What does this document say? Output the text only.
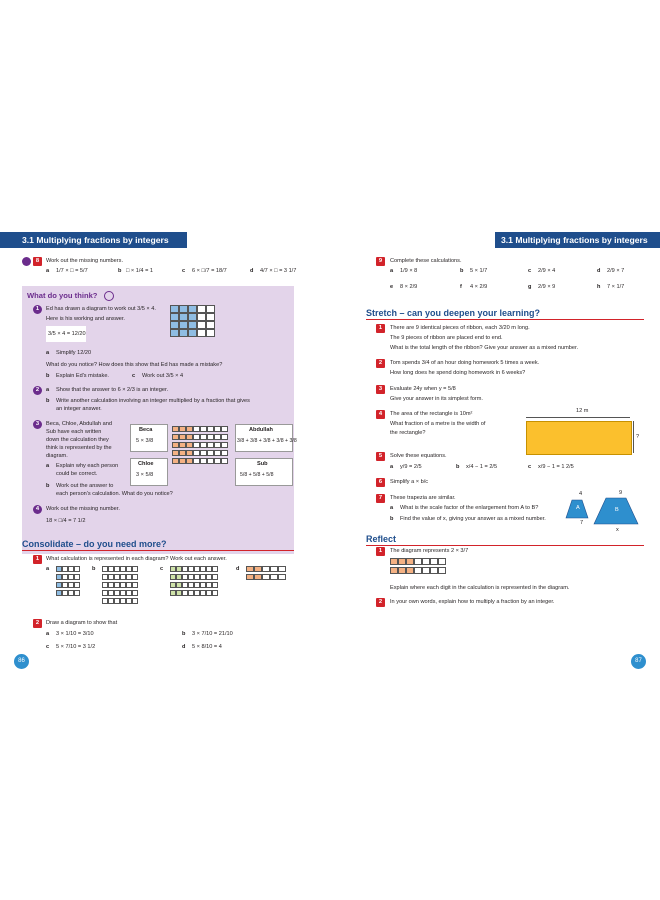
3.1 Multiplying fractions by integers
8	Work out the missing numbers.
a 1/7 × □ = 5/7	b □ × 1/4 = 1	c 6 × □/7 = 18/7	d 4/7 × □ = 3 1/7
What do you think?
1	Ed has drawn a diagram to work out 3/5 × 4.
Here is his working and answer.
3/5 × 4 = 12/20
a Simplify 12/20
What do you notice? How does this show that Ed has made a mistake?
b Explain Ed's mistake.	c Work out 3/5 × 4
2	a Show that the answer to 6 × 2/3 is an integer.
b Write another calculation involving an integer multiplied by a fraction that gives
an integer answer.
3	Beca, Chloe, Abdullah and
Sub have each written
down the calculation they
think is represented by the
diagram.
a Explain why each person
could be correct.
b Work out the answer to
each person's calculation. What do you notice?
Beca
5 × 3/8
Chloe
3 × 5/8
Abdullah
3/8 + 3/8 + 3/8 + 3/8 + 3/8
Sub
5/8 + 5/8 + 5/8
4	Work out the missing number.
18 × □/4 = 7 1/2
Consolidate – do you need more?
1	What calculation is represented in each diagram? Work out each answer.
a	b	c	d
2	Draw a diagram to show that
a 3 × 1/10 = 3/10	b 3 × 7/10 = 21/10
c 5 × 7/10 = 3 1/2	d 5 × 8/10 = 4
86
3.1 Multiplying fractions by integers
9	Complete these calculations.
a 1/9 × 8	b 5 × 1/7	c 2/9 × 4	d 2/9 × 7
e 8 × 2/9	f 4 × 2/9	g 2/9 × 9	h 7 × 1/7
Stretch – can you deepen your learning?
1	There are 9 identical pieces of ribbon, each 3/20 m long.
The 9 pieces of ribbon are placed end to end.
What is the total length of the ribbon? Give your answer as a mixed number.
2	Tom spends 3/4 of an hour doing homework 5 times a week.
How long does he spend doing homework in 6 weeks?
3	Evaluate 24y when y = 5/8
Give your answer in its simplest form.
4	The area of the rectangle is 10m²
What fraction of a metre is the width of
the rectangle?
12 m
?
5	Solve these equations.
a y/9 = 2/5	b x/4 − 1 = 2/5	c x/9 − 1 = 1 2/5
6	Simplify a × b/c
7	These trapezia are similar.
a What is the scale factor of the enlargement from A to B?
b Find the value of x, giving your answer as a mixed number.
4
A
7
9
B
x
Reflect
1	The diagram represents 2 × 3/7
Explain where each digit in the calculation is represented in the diagram.
2	In your own words, explain how to multiply a fraction by an integer.
87
